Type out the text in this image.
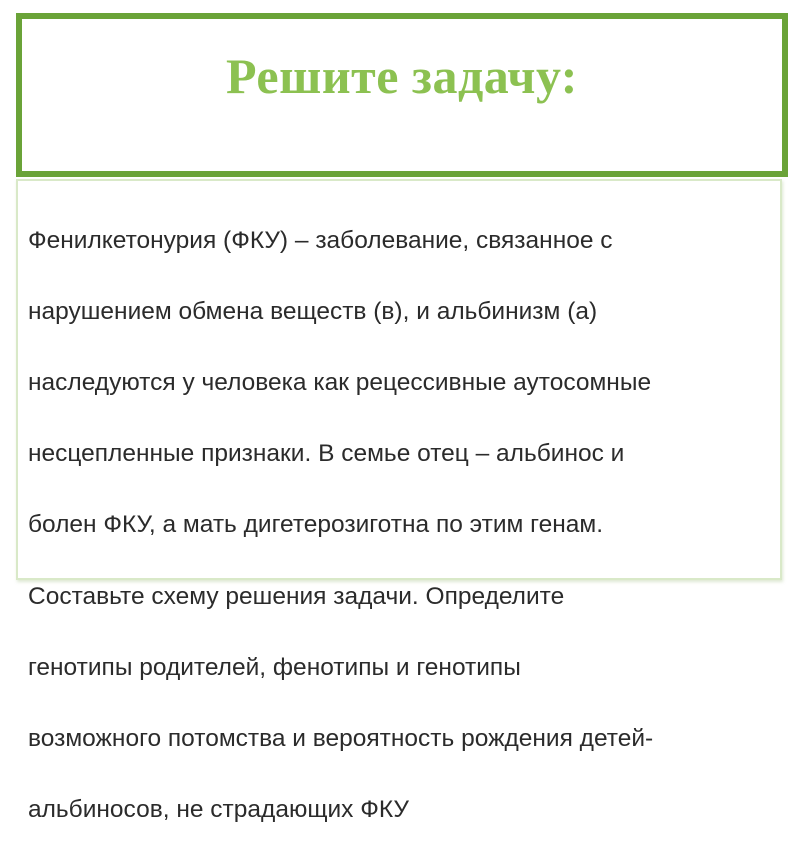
Решите задачу:

Фенилкетонурия (ФКУ) – заболевание, связанное с

нарушением обмена веществ (в), и альбинизм (а)

наследуются у человека как рецессивные аутосомные

несцепленные признаки. В семье отец – альбинос и

болен ФКУ, а мать дигетерозиготна по этим генам.

Составьте схему решения задачи. Определите

генотипы родителей, фенотипы и генотипы

возможного потомства и вероятность рождения детей-

альбиносов, не страдающих ФКУ
